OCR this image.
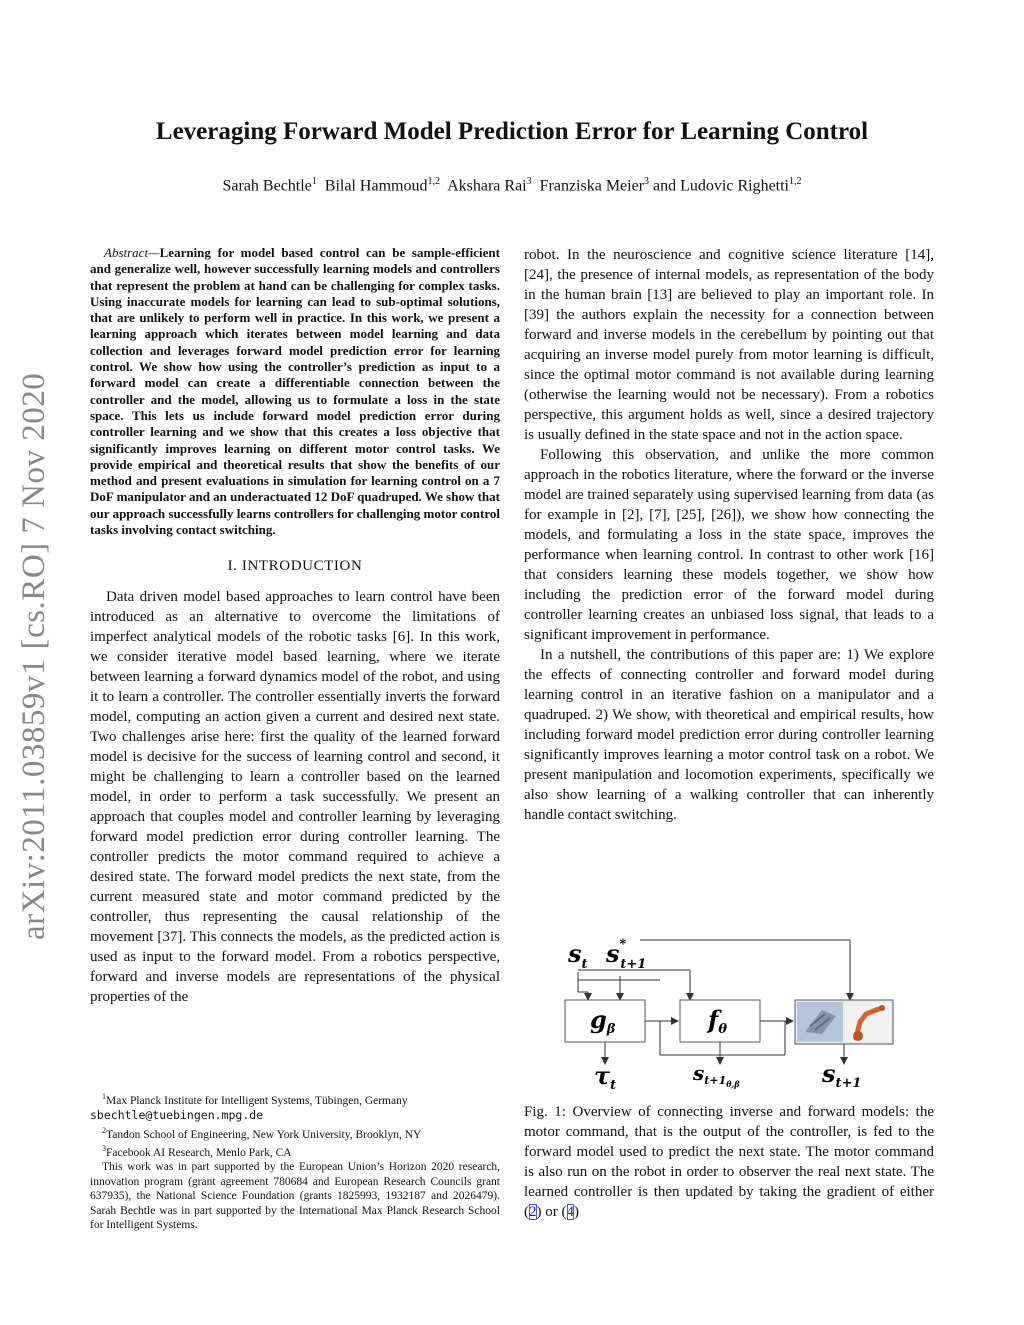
arXiv:2011.03859v1 [cs.RO] 7 Nov 2020
Leveraging Forward Model Prediction Error for Learning Control
Sarah Bechtle$^1$ Bilal Hammoud$^{1,2}$ Akshara Rai$^3$ Franziska Meier$^3$ and Ludovic Righetti$^{1,2}$

Abstract—Learning for model based control can be sample-efficient and generalize well, however successfully learning models and controllers that represent the problem at hand can be challenging for complex tasks. Using inaccurate models for learning can lead to sub-optimal solutions, that are unlikely to perform well in practice. In this work, we present a learning approach which iterates between model learning and data collection and leverages forward model prediction error for learning control. We show how using the controller’s prediction as input to a forward model can create a differentiable connection between the controller and the model, allowing us to formulate a loss in the state space. This lets us include forward model prediction error during controller learning and we show that this creates a loss objective that significantly improves learning on different motor control tasks. We provide empirical and theoretical results that show the benefits of our method and present evaluations in simulation for learning control on a 7 DoF manipulator and an underactuated 12 DoF quadruped. We show that our approach successfully learns controllers for challenging motor control tasks involving contact switching.

I. INTRODUCTION

Data driven model based approaches to learn control have been introduced as an alternative to overcome the limitations of imperfect analytical models of the robotic tasks [6]. In this work, we consider iterative model based learning, where we iterate between learning a forward dynamics model of the robot, and using it to learn a controller. The controller essentially inverts the forward model, computing an action given a current and desired next state. Two challenges arise here: first the quality of the learned forward model is decisive for the success of learning control and second, it might be challenging to learn a controller based on the learned model, in order to perform a task successfully. We present an approach that couples model and controller learning by leveraging forward model prediction error during controller learning. The controller predicts the motor command required to achieve a desired state. The forward model predicts the next state, from the current measured state and motor command predicted by the controller, thus representing the causal relationship of the movement [37]. This connects the models, as the predicted action is used as input to the forward model. From a robotics perspective, forward and inverse models are representations of the physical properties of the

$^1$Max Planck Institute for Intelligent Systems, Tübingen, Germany
sbechtle@tuebingen.mpg.de
$^2$Tandon School of Engineering, New York University, Brooklyn, NY
$^3$Facebook AI Research, Menlo Park, CA
This work was in part supported by the European Union’s Horizon 2020 research, innovation program (grant agreement 780684 and European Research Councils grant 637935), the National Science Foundation (grants 1825993, 1932187 and 2026479). Sarah Bechtle was in part supported by the International Max Planck Research School for Intelligent Systems.

robot. In the neuroscience and cognitive science literature [14], [24], the presence of internal models, as representation of the body in the human brain [13] are believed to play an important role. In [39] the authors explain the necessity for a connection between forward and inverse models in the cerebellum by pointing out that acquiring an inverse model purely from motor learning is difficult, since the optimal motor command is not available during learning (otherwise the learning would not be necessary). From a robotics perspective, this argument holds as well, since a desired trajectory is usually defined in the state space and not in the action space.

Following this observation, and unlike the more common approach in the robotics literature, where the forward or the inverse model are trained separately using supervised learning from data (as for example in [2], [7], [25], [26]), we show how connecting the models, and formulating a loss in the state space, improves the performance when learning control. In contrast to other work [16] that considers learning these models together, we show how including the prediction error of the forward model during controller learning creates an unbiased loss signal, that leads to a significant improvement in performance.

In a nutshell, the contributions of this paper are: 1) We explore the effects of connecting controller and forward model during learning control in an iterative fashion on a manipulator and a quadruped. 2) We show, with theoretical and empirical results, how including forward model prediction error during controller learning significantly improves learning a motor control task on a robot. We present manipulation and locomotion experiments, specifically we also show learning of a walking controller that can inherently handle contact switching.

$s_t$ s* t+1
$g_\beta$	$f_\theta$
$\tau_t$
$s_{t+1}\theta,\beta$	$s_{t+1}$
Fig. 1: Overview of connecting inverse and forward models: the motor command, that is the output of the controller, is fed to the forward model used to predict the next state. The motor command is also run on the robot in order to observer the real next state. The learned controller is then updated by taking the gradient of either (2) or (4)
